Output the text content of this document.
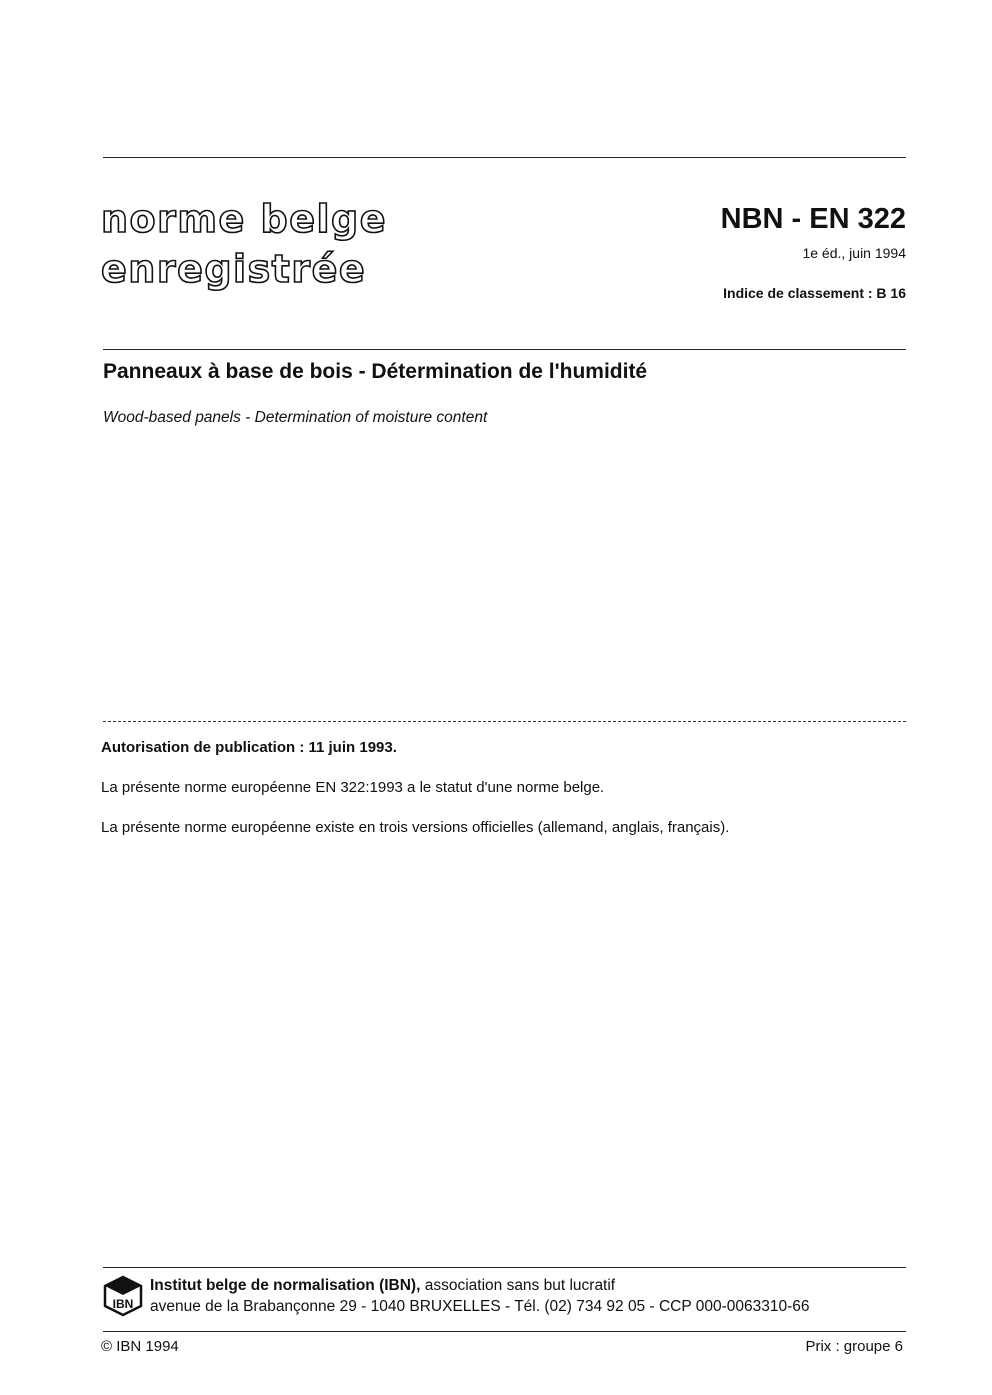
norme belge
enregistrée
NBN - EN 322
1e éd., juin 1994
Indice de classement : B 16
Panneaux à base de bois - Détermination de l'humidité
Wood-based panels - Determination of moisture content
Autorisation de publication : 11 juin 1993.
La présente norme européenne EN 322:1993 a le statut d'une norme belge.
La présente norme européenne existe en trois versions officielles (allemand, anglais, français).
IBN
Institut belge de normalisation (IBN), association sans but lucratif
avenue de la Brabançonne 29 - 1040 BRUXELLES - Tél. (02) 734 92 05 - CCP 000-0063310-66
© IBN 1994	Prix : groupe 6
